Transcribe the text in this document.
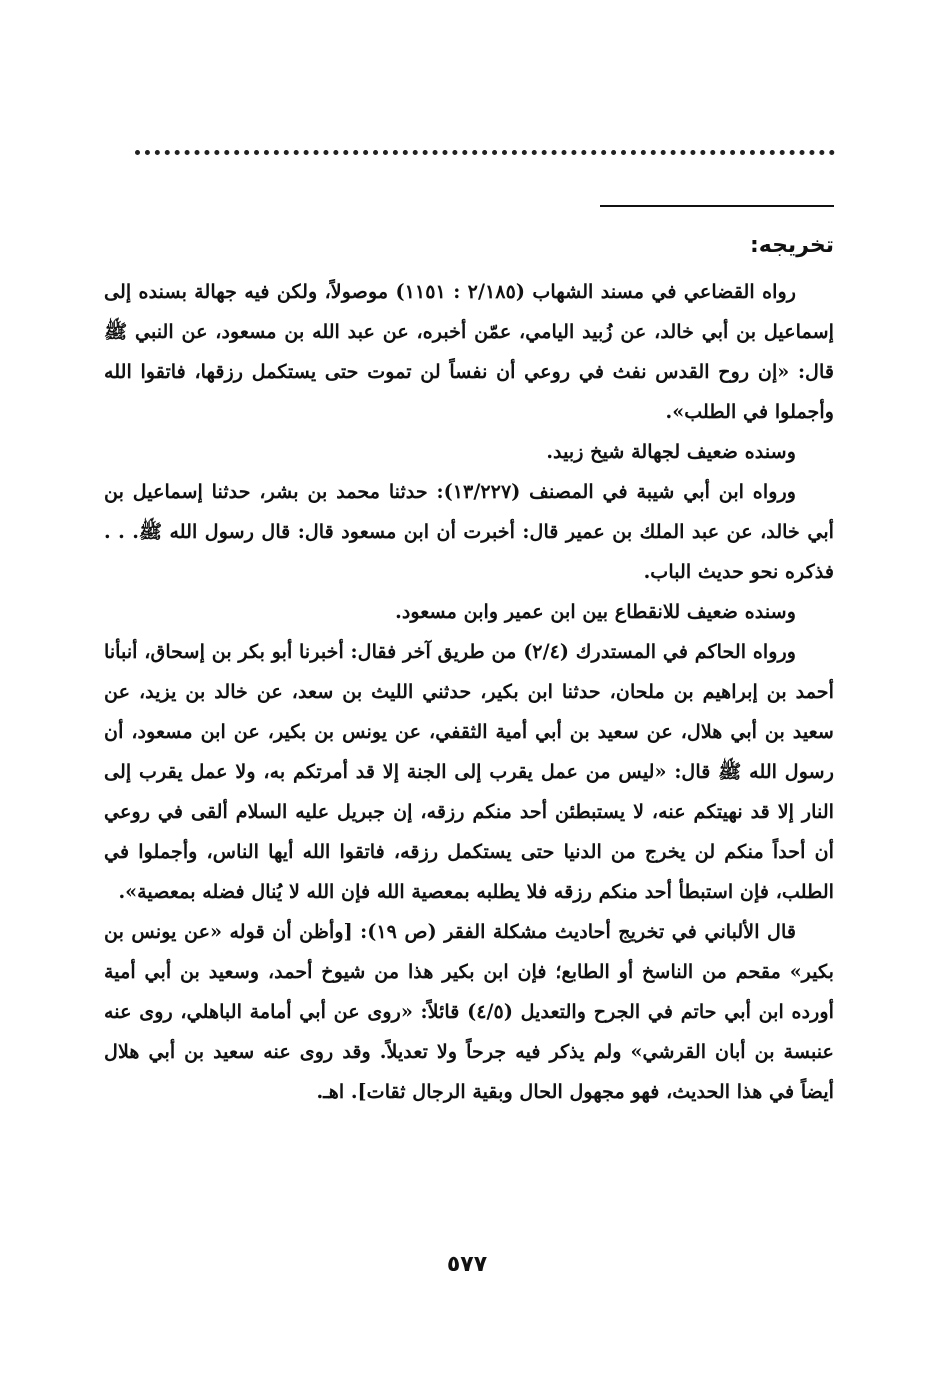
تخريجه:

رواه القضاعي في مسند الشهاب (٢/١٨٥ : ١١٥١) موصولاً، ولكن فيه جهالة بسنده إلى إسماعيل بن أبي خالد، عن زُبيد اليامي، عمّن أخبره، عن عبد الله بن مسعود، عن النبي ﷺ قال: «إن روح القدس نفث في روعي أن نفساً لن تموت حتى يستكمل رزقها، فاتقوا الله وأجملوا في الطلب».

وسنده ضعيف لجهالة شيخ زبيد.

ورواه ابن أبي شيبة في المصنف (١٣/٢٢٧): حدثنا محمد بن بشر، حدثنا إسماعيل بن أبي خالد، عن عبد الملك بن عمير قال: أخبرت أن ابن مسعود قال: قال رسول الله ﷺ. . . فذكره نحو حديث الباب.

وسنده ضعيف للانقطاع بين ابن عمير وابن مسعود.

ورواه الحاكم في المستدرك (٢/٤) من طريق آخر فقال: أخبرنا أبو بكر بن إسحاق، أنبأنا أحمد بن إبراهيم بن ملحان، حدثنا ابن بكير، حدثني الليث بن سعد، عن خالد بن يزيد، عن سعيد بن أبي هلال، عن سعيد بن أبي أمية الثقفي، عن يونس بن بكير، عن ابن مسعود، أن رسول الله ﷺ قال: «ليس من عمل يقرب إلى الجنة إلا قد أمرتكم به، ولا عمل يقرب إلى النار إلا قد نهيتكم عنه، لا يستبطئن أحد منكم رزقه، إن جبريل عليه السلام ألقى في روعي أن أحداً منكم لن يخرج من الدنيا حتى يستكمل رزقه، فاتقوا الله أيها الناس، وأجملوا في الطلب، فإن استبطأ أحد منكم رزقه فلا يطلبه بمعصية الله فإن الله لا يُنال فضله بمعصية».

قال الألباني في تخريج أحاديث مشكلة الفقر (ص ١٩): [وأظن أن قوله «عن يونس بن بكير» مقحم من الناسخ أو الطابع؛ فإن ابن بكير هذا من شيوخ أحمد، وسعيد بن أبي أمية أورده ابن أبي حاتم في الجرح والتعديل (٤/٥) قائلاً: «روى عن أبي أمامة الباهلي، روى عنه عنبسة بن أبان القرشي» ولم يذكر فيه جرحاً ولا تعديلاً. وقد روى عنه سعيد بن أبي هلال أيضاً في هذا الحديث، فهو مجهول الحال وبقية الرجال ثقات]. اهـ.

٥٧٧
